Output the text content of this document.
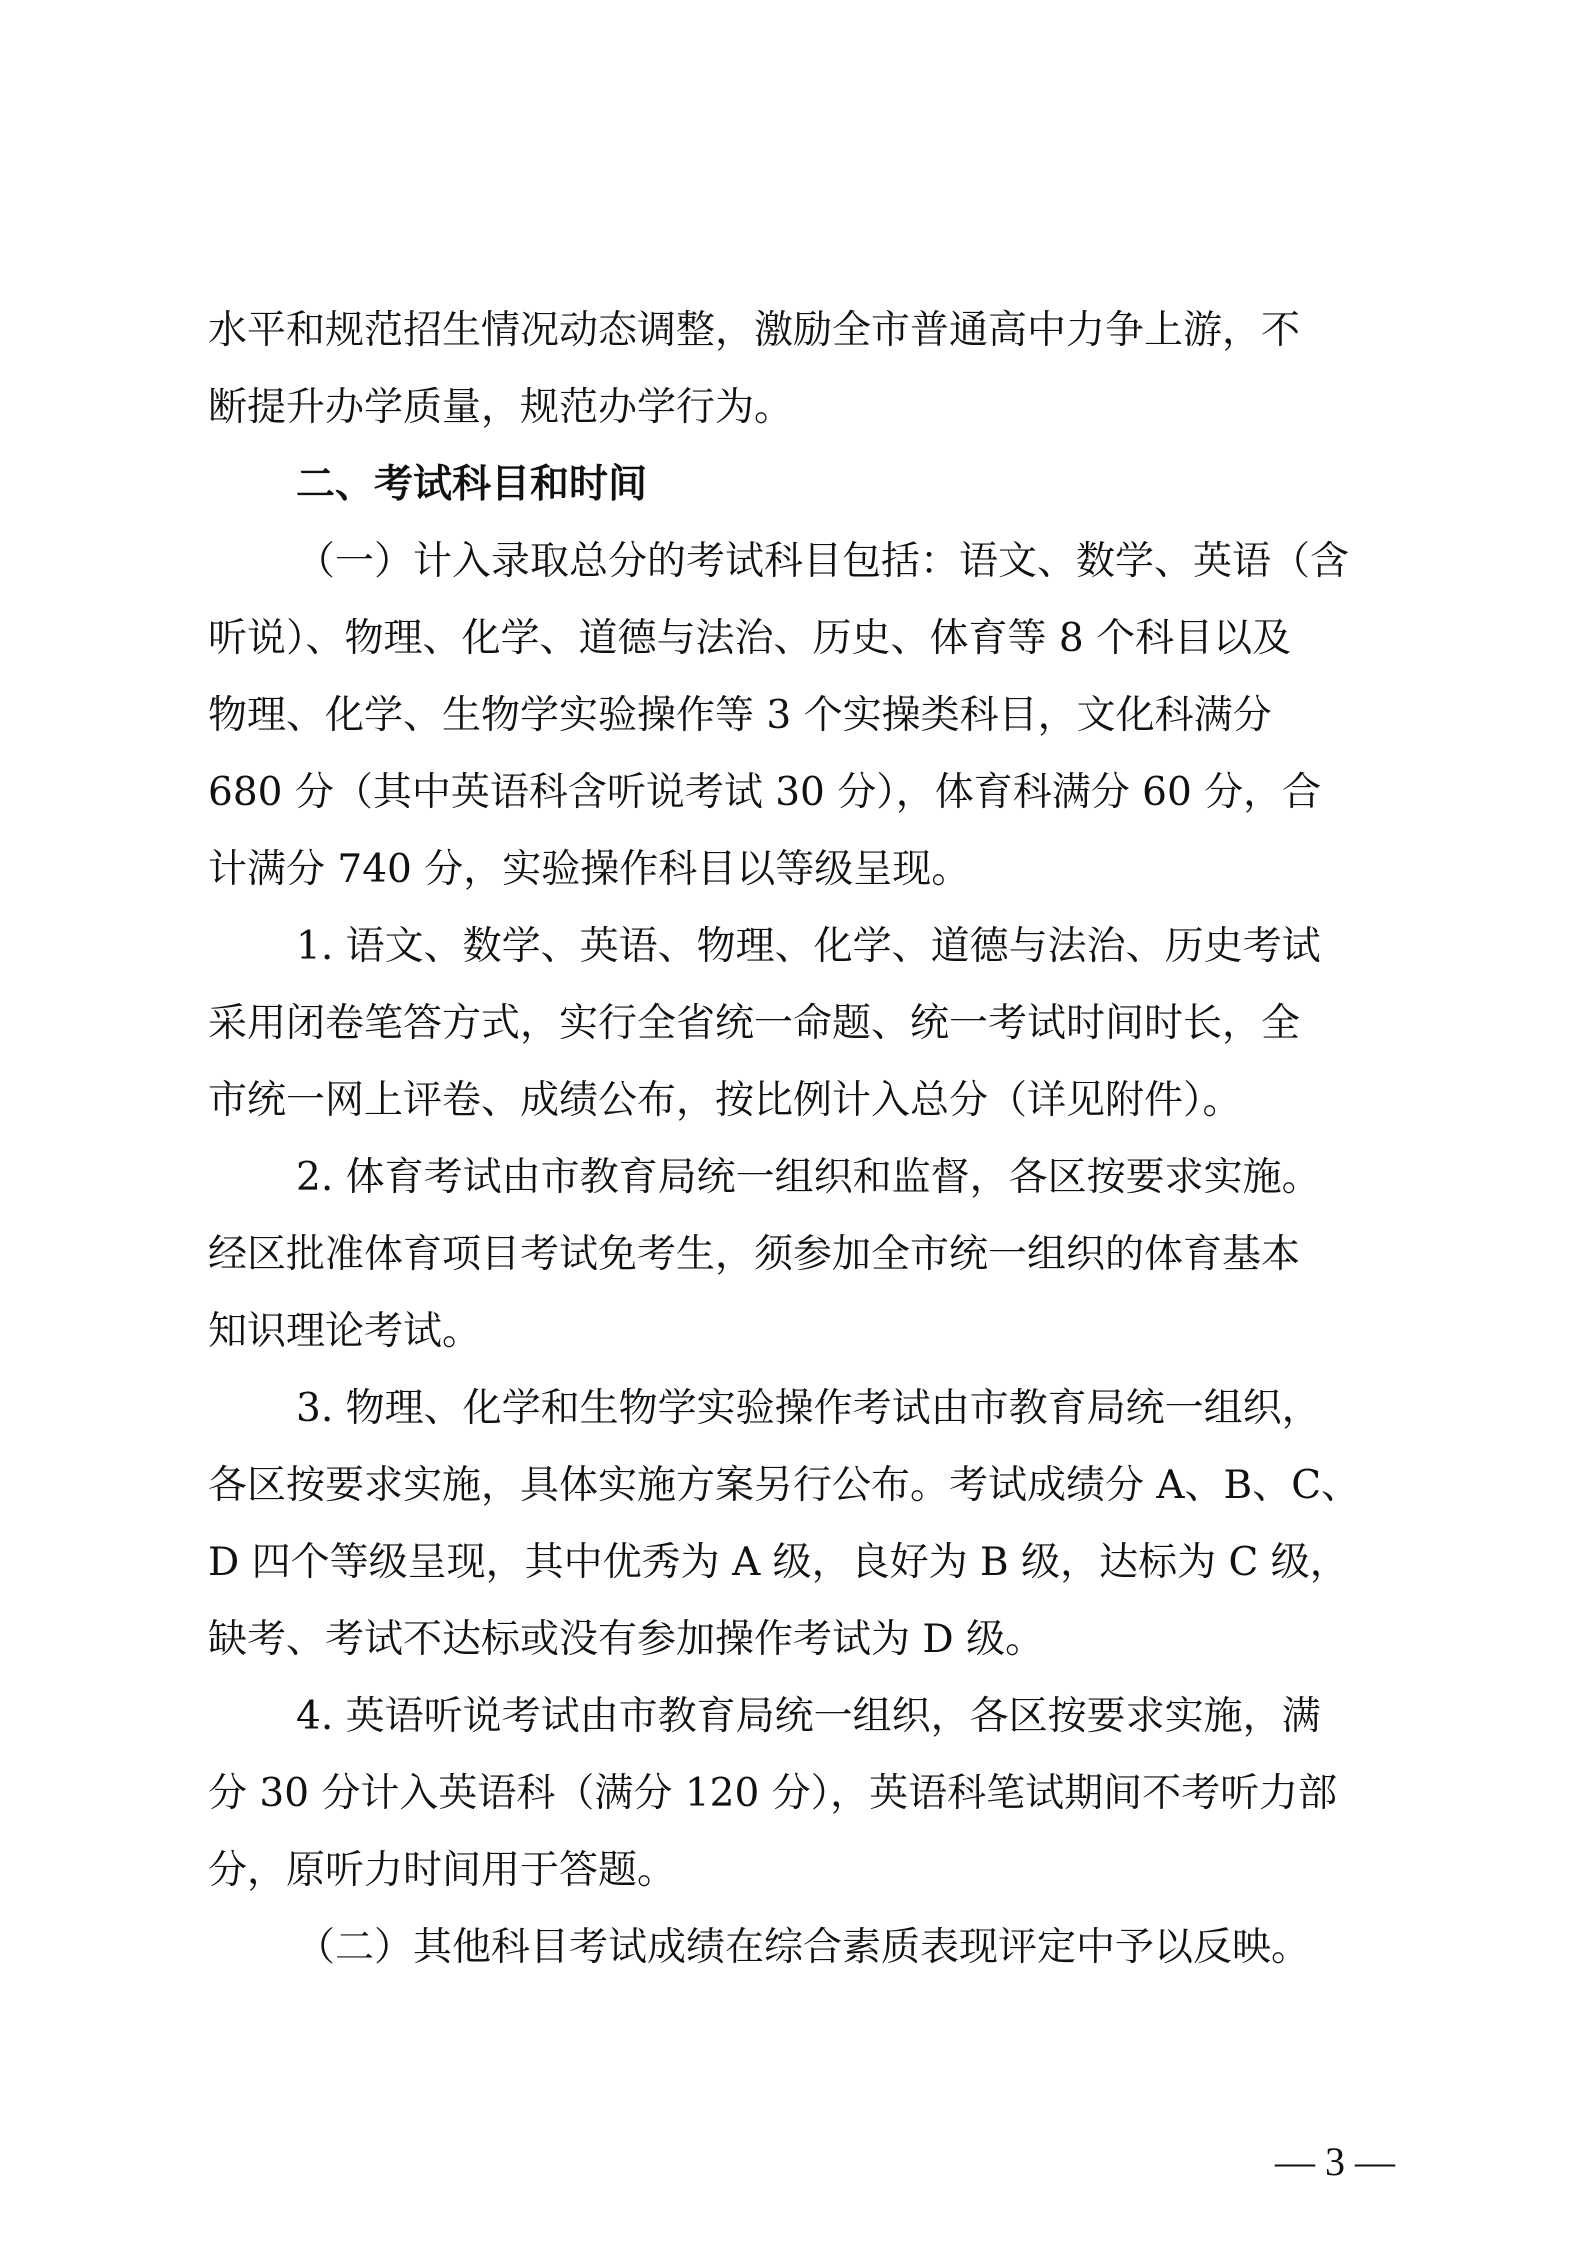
水平和规范招生情况动态调整，激励全市普通高中力争上游，不
断提升办学质量，规范办学行为。
二、考试科目和时间
（一）计入录取总分的考试科目包括：语文、数学、英语（含
听说）、物理、化学、道德与法治、历史、体育等 8 个科目以及
物理、化学、生物学实验操作等 3 个实操类科目，文化科满分
680 分（其中英语科含听说考试 30 分），体育科满分 60 分，合
计满分 740 分，实验操作科目以等级呈现。
1. 语文、数学、英语、物理、化学、道德与法治、历史考试
采用闭卷笔答方式，实行全省统一命题、统一考试时间时长，全
市统一网上评卷、成绩公布，按比例计入总分（详见附件）。
2. 体育考试由市教育局统一组织和监督，各区按要求实施。
经区批准体育项目考试免考生，须参加全市统一组织的体育基本
知识理论考试。
3. 物理、化学和生物学实验操作考试由市教育局统一组织，
各区按要求实施，具体实施方案另行公布。考试成绩分 A、B、C、
D 四个等级呈现，其中优秀为 A 级，良好为 B 级，达标为 C 级，
缺考、考试不达标或没有参加操作考试为 D 级。
4. 英语听说考试由市教育局统一组织，各区按要求实施，满
分 30 分计入英语科（满分 120 分），英语科笔试期间不考听力部
分，原听力时间用于答题。
（二）其他科目考试成绩在综合素质表现评定中予以反映。
— 3 —
